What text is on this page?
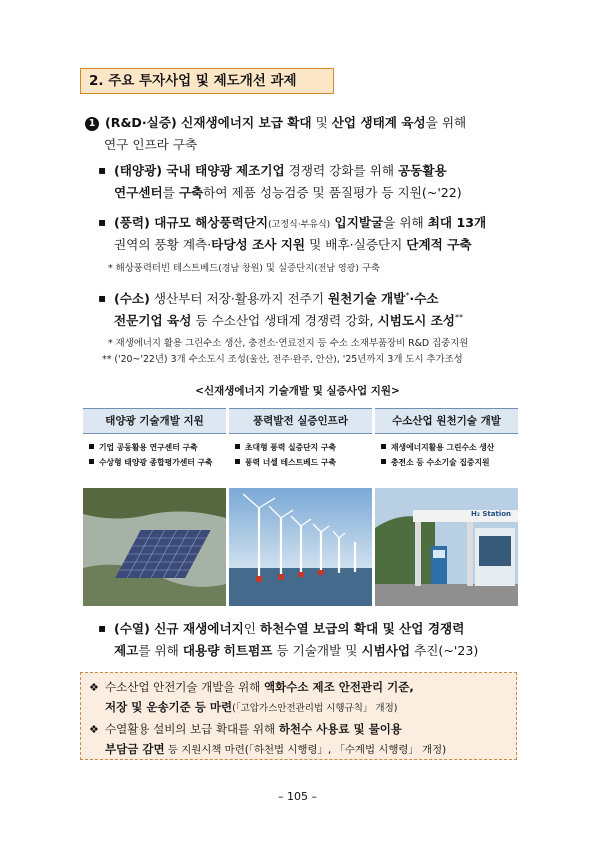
2. 주요 투자사업 및 제도개선 과제
1 (R&D·실증) 신재생에너지 보급 확대 및 산업 생태계 육성을 위해
연구 인프라 구축
▪ (태양광) 국내 태양광 제조기업 경쟁력 강화를 위해 공동활용
연구센터를 구축하여 제품 성능검증 및 품질평가 등 지원(~'22)
▪ (풍력) 대규모 해상풍력단지(고정식·부유식) 입지발굴을 위해 최대 13개
권역의 풍황 계측·타당성 조사 지원 및 배후·실증단지 단계적 구축
* 해상풍력터빈 테스트베드(경남 창원) 및 실증단지(전남 영광) 구축
▪ (수소) 생산부터 저장·활용까지 전주기 원천기술 개발*·수소
전문기업 육성 등 수소산업 생태계 경쟁력 강화, 시범도시 조성**
* 재생에너지 활용 그린수소 생산, 충전소·연료전지 등 수소 소재부품장비 R&D 집중지원
** ('20~'22년) 3개 수소도시 조성(울산, 전주·완주, 안산), '25년까지 3개 도시 추가조성
<신재생에너지 기술개발 및 실증사업 지원>
태양광 기술개발 지원
기업 공동활용 연구센터 구축
수상형 태양광 종합평가센터 구축
풍력발전 실증인프라
초대형 풍력 실증단지 구축
풍력 너셀 테스트베드 구축
수소산업 원천기술 개발
재생에너지활용 그린수소 생산
충전소 등 수소기술 집중지원
H₂ Station
▪ (수열) 신규 재생에너지인 하천수열 보급의 확대 및 산업 경쟁력
제고를 위해 대용량 히트펌프 등 기술개발 및 시범사업 추진(~'23)
❖ 수소산업 안전기술 개발을 위해 액화수소 제조 안전관리 기준,
저장 및 운송기준 등 마련(「고압가스안전관리법 시행규칙」 개정)
❖ 수열활용 설비의 보급 확대를 위해 하천수 사용료 및 물이용
부담금 감면 등 지원시책 마련(「하천법 시행령」, 「수계법 시행령」 개정)
– 105 –
